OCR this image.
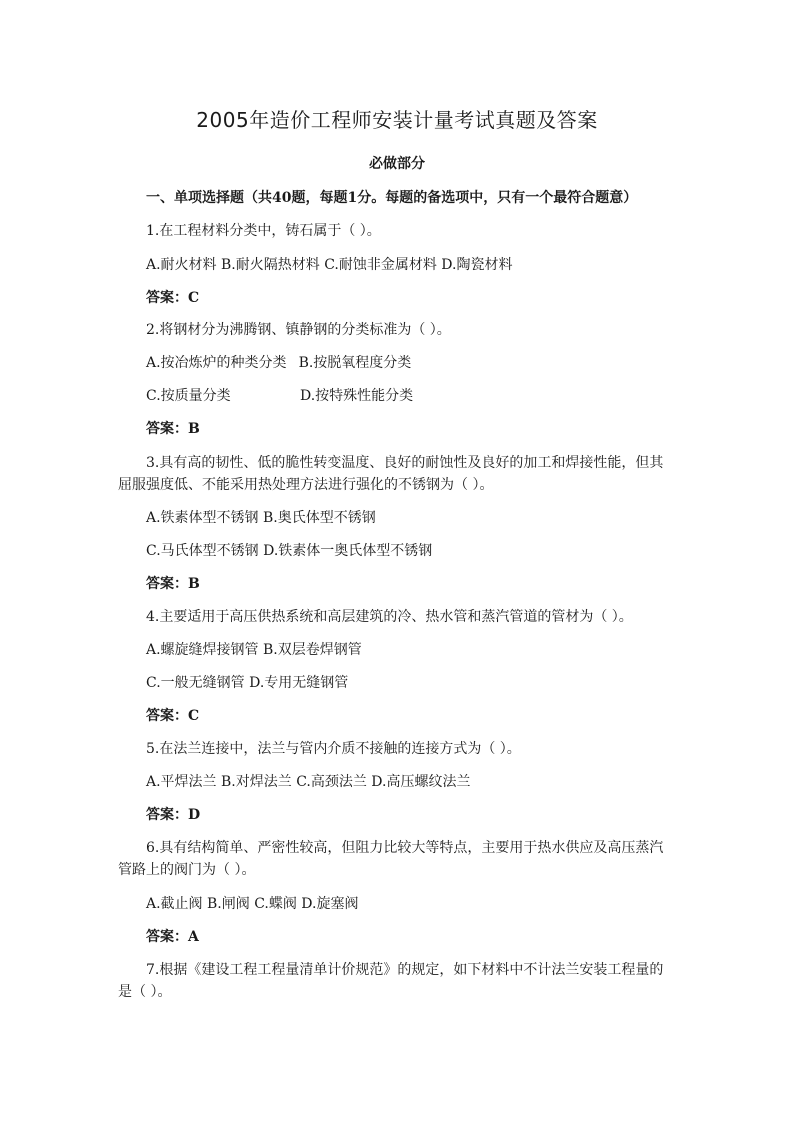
2005年造价工程师安装计量考试真题及答案
必做部分
一、单项选择题（共40题，每题1分。每题的备选项中，只有一个最符合题意）
1.在工程材料分类中，铸石属于（ ）。
A.耐火材料 B.耐火隔热材料 C.耐蚀非金属材料 D.陶瓷材料
答案：C
2.将钢材分为沸腾钢、镇静钢的分类标准为（ ）。
A.按冶炼炉的种类分类 B.按脱氧程度分类
C.按质量分类	D.按特殊性能分类
答案：B
3.具有高的韧性、低的脆性转变温度、良好的耐蚀性及良好的加工和焊接性能，但其
屈服强度低、不能采用热处理方法进行强化的不锈钢为（ ）。
A.铁素体型不锈钢 B.奥氏体型不锈钢
C.马氏体型不锈钢 D.铁素体一奥氏体型不锈钢
答案：B
4.主要适用于高压供热系统和高层建筑的冷、热水管和蒸汽管道的管材为（ ）。
A.螺旋缝焊接钢管 B.双层卷焊钢管
C.一般无缝钢管 D.专用无缝钢管
答案：C
5.在法兰连接中，法兰与管内介质不接触的连接方式为（ ）。
A.平焊法兰 B.对焊法兰 C.高颈法兰 D.高压螺纹法兰
答案：D
6.具有结构简单、严密性较高，但阻力比较大等特点，主要用于热水供应及高压蒸汽
管路上的阀门为（ ）。
A.截止阀 B.闸阀 C.蝶阀 D.旋塞阀
答案：A
7.根据《建设工程工程量清单计价规范》的规定，如下材料中不计法兰安装工程量的
是（ ）。
